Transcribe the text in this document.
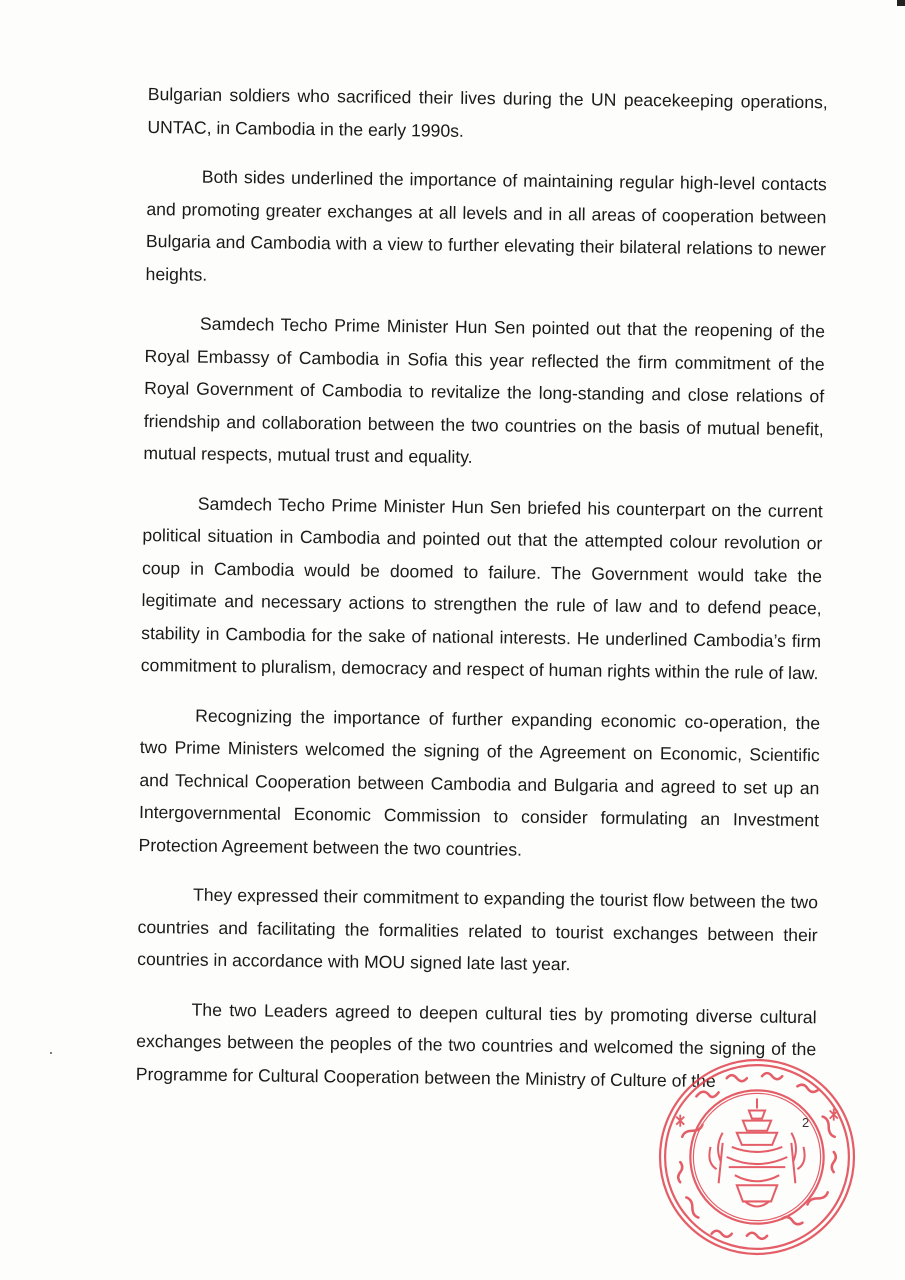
Bulgarian soldiers who sacrificed their lives during the UN peacekeeping operations, UNTAC, in Cambodia in the early 1990s.

Both sides underlined the importance of maintaining regular high-level contacts and promoting greater exchanges at all levels and in all areas of cooperation between Bulgaria and Cambodia with a view to further elevating their bilateral relations to newer heights.

Samdech Techo Prime Minister Hun Sen pointed out that the reopening of the Royal Embassy of Cambodia in Sofia this year reflected the firm commitment of the Royal Government of Cambodia to revitalize the long-standing and close relations of friendship and collaboration between the two countries on the basis of mutual benefit, mutual respects, mutual trust and equality.

Samdech Techo Prime Minister Hun Sen briefed his counterpart on the current political situation in Cambodia and pointed out that the attempted colour revolution or coup in Cambodia would be doomed to failure. The Government would take the legitimate and necessary actions to strengthen the rule of law and to defend peace, stability in Cambodia for the sake of national interests. He underlined Cambodia’s firm commitment to pluralism, democracy and respect of human rights within the rule of law.

Recognizing the importance of further expanding economic co-operation, the two Prime Ministers welcomed the signing of the Agreement on Economic, Scientific and Technical Cooperation between Cambodia and Bulgaria and agreed to set up an Intergovernmental Economic Commission to consider formulating an Investment Protection Agreement between the two countries.

They expressed their commitment to expanding the tourist flow between the two countries and facilitating the formalities related to tourist exchanges between their countries in accordance with MOU signed late last year.

The two Leaders agreed to deepen cultural ties by promoting diverse cultural exchanges between the peoples of the two countries and welcomed the signing of the Programme for Cultural Cooperation between the Ministry of Culture of the

2
